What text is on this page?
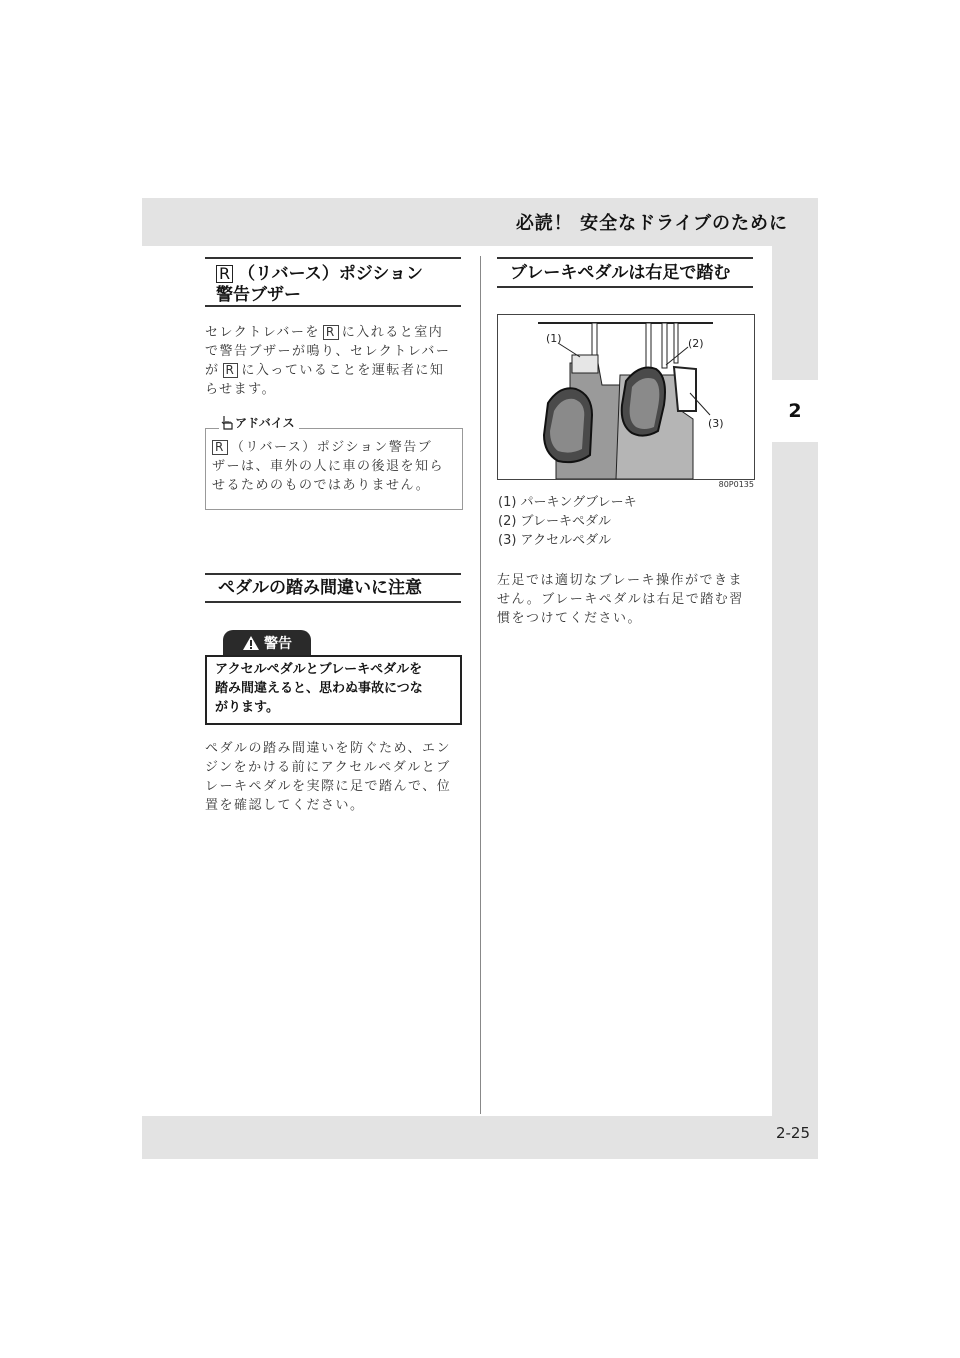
必読！ 安全なドライブのために
2
R （リバース）ポジション
警告ブザー
セレクトレバーを R に入れると室内
で警告ブザーが鳴り、セレクトレバー
が R に入っていることを運転者に知
らせます。
アドバイス
R （リバース）ポジション警告ブ
ザーは、車外の人に車の後退を知ら
せるためのものではありません。
ペダルの踏み間違いに注意
警告
アクセルペダルとブレーキペダルを
踏み間違えると、思わぬ事故につな
がります。
ペダルの踏み間違いを防ぐため、エン
ジンをかける前にアクセルペダルとブ
レーキペダルを実際に足で踏んで、位
置を確認してください。
ブレーキペダルは右足で踏む
(1)	(2)
(3)
80P0135
(1) パーキングブレーキ
(2) ブレーキペダル
(3) アクセルペダル
左足では適切なブレーキ操作ができま
せん。ブレーキペダルは右足で踏む習
慣をつけてください。
2-25
